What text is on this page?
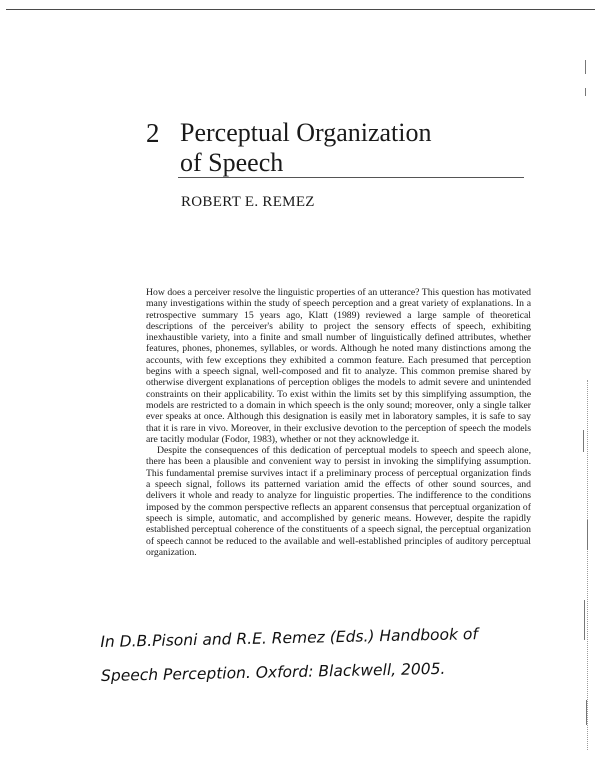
2 Perceptual Organization
of Speech
ROBERT E. REMEZ

How does a perceiver resolve the linguistic properties of an utterance? This question has motivated many investigations within the study of speech perception and a great variety of explanations. In a retrospective summary 15 years ago, Klatt (1989) reviewed a large sample of theoretical descriptions of the perceiver's ability to project the sensory effects of speech, exhibiting inexhaustible variety, into a finite and small number of linguistically defined attributes, whether features, phones, phonemes, syllables, or words. Although he noted many distinctions among the accounts, with few exceptions they exhibited a common feature. Each presumed that perception begins with a speech signal, well-composed and fit to analyze. This common premise shared by otherwise divergent explanations of perception obliges the models to admit severe and unintended constraints on their applicability. To exist within the limits set by this simplifying assumption, the models are restricted to a domain in which speech is the only sound; moreover, only a single talker ever speaks at once. Although this designation is easily met in laboratory samples, it is safe to say that it is rare in vivo. Moreover, in their exclusive devotion to the perception of speech the models are tacitly modular (Fodor, 1983), whether or not they acknowledge it.

Despite the consequences of this dedication of perceptual models to speech and speech alone, there has been a plausible and convenient way to persist in invoking the simplifying assumption. This fundamental premise survives intact if a preliminary process of perceptual organization finds a speech signal, follows its patterned variation amid the effects of other sound sources, and delivers it whole and ready to analyze for linguistic properties. The indifference to the conditions imposed by the common perspective reflects an apparent consensus that perceptual organization of speech is simple, automatic, and accomplished by generic means. However, despite the rapidly established perceptual coherence of the constituents of a speech signal, the perceptual organization of speech cannot be reduced to the available and well-established principles of auditory perceptual organization.

In D.B.Pisoni and R.E. Remez (Eds.) Handbook of
Speech Perception. Oxford: Blackwell, 2005.
